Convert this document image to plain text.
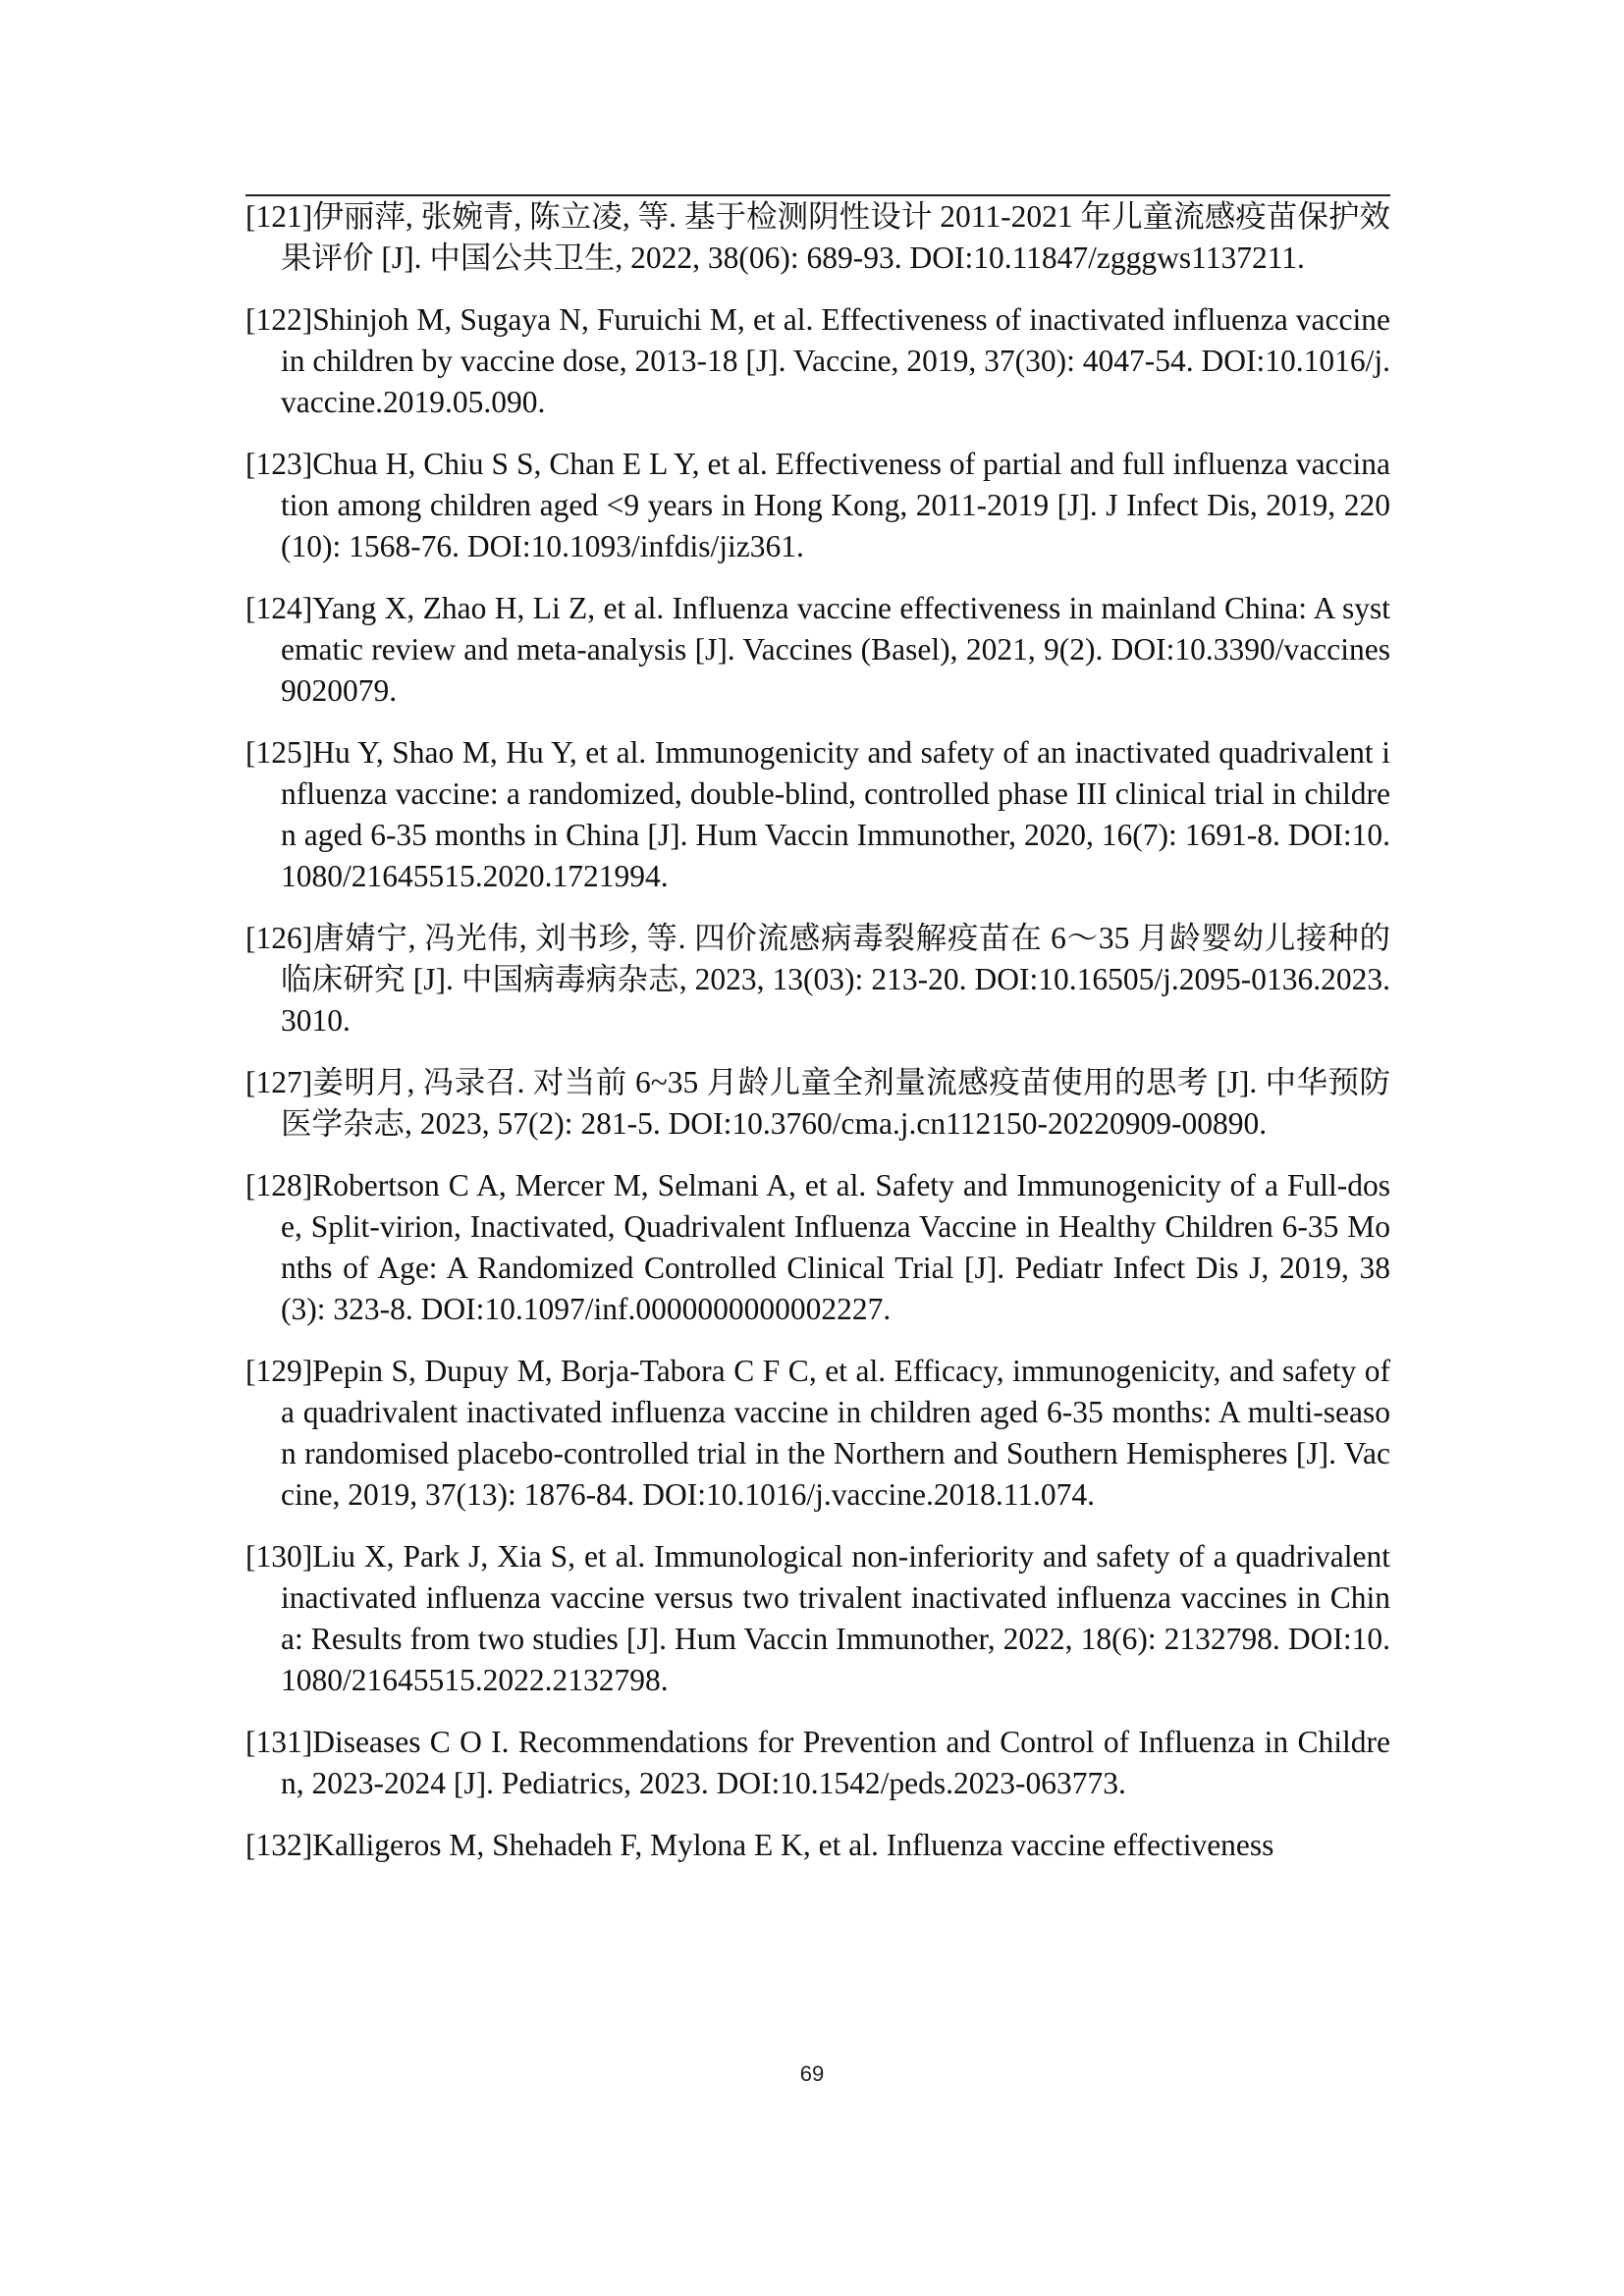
[121]伊丽萍, 张婉青, 陈立凌, 等. 基于检测阴性设计 2011-2021 年儿童流感疫苗保护效果评价 [J]. 中国公共卫生, 2022, 38(06): 689-93. DOI:10.11847/zgggws1137211.
[122]Shinjoh M, Sugaya N, Furuichi M, et al. Effectiveness of inactivated influenza vaccine in children by vaccine dose, 2013-18 [J]. Vaccine, 2019, 37(30): 4047-54. DOI:10.1016/j.vaccine.2019.05.090.
[123]Chua H, Chiu S S, Chan E L Y, et al. Effectiveness of partial and full influenza vaccination among children aged <9 years in Hong Kong, 2011-2019 [J]. J Infect Dis, 2019, 220(10): 1568-76. DOI:10.1093/infdis/jiz361.
[124]Yang X, Zhao H, Li Z, et al. Influenza vaccine effectiveness in mainland China: A systematic review and meta-analysis [J]. Vaccines (Basel), 2021, 9(2). DOI:10.3390/vaccines9020079.
[125]Hu Y, Shao M, Hu Y, et al. Immunogenicity and safety of an inactivated quadrivalent influenza vaccine: a randomized, double-blind, controlled phase III clinical trial in children aged 6-35 months in China [J]. Hum Vaccin Immunother, 2020, 16(7): 1691-8. DOI:10.1080/21645515.2020.1721994.
[126]唐婧宁, 冯光伟, 刘书珍, 等. 四价流感病毒裂解疫苗在 6～35 月龄婴幼儿接种的临床研究 [J]. 中国病毒病杂志, 2023, 13(03): 213-20. DOI:10.16505/j.2095-0136.2023.3010.
[127]姜明月, 冯录召. 对当前 6~35 月龄儿童全剂量流感疫苗使用的思考 [J]. 中华预防医学杂志, 2023, 57(2): 281-5. DOI:10.3760/cma.j.cn112150-20220909-00890.
[128]Robertson C A, Mercer M, Selmani A, et al. Safety and Immunogenicity of a Full-dose, Split-virion, Inactivated, Quadrivalent Influenza Vaccine in Healthy Children 6-35 Months of Age: A Randomized Controlled Clinical Trial [J]. Pediatr Infect Dis J, 2019, 38(3): 323-8. DOI:10.1097/inf.0000000000002227.
[129]Pepin S, Dupuy M, Borja-Tabora C F C, et al. Efficacy, immunogenicity, and safety of a quadrivalent inactivated influenza vaccine in children aged 6-35 months: A multi-season randomised placebo-controlled trial in the Northern and Southern Hemispheres [J]. Vaccine, 2019, 37(13): 1876-84. DOI:10.1016/j.vaccine.2018.11.074.
[130]Liu X, Park J, Xia S, et al. Immunological non-inferiority and safety of a quadrivalent inactivated influenza vaccine versus two trivalent inactivated influenza vaccines in China: Results from two studies [J]. Hum Vaccin Immunother, 2022, 18(6): 2132798. DOI:10.1080/21645515.2022.2132798.
[131]Diseases C O I. Recommendations for Prevention and Control of Influenza in Children, 2023-2024 [J]. Pediatrics, 2023. DOI:10.1542/peds.2023-063773.
[132]Kalligeros M, Shehadeh F, Mylona E K, et al. Influenza vaccine effectiveness
69
